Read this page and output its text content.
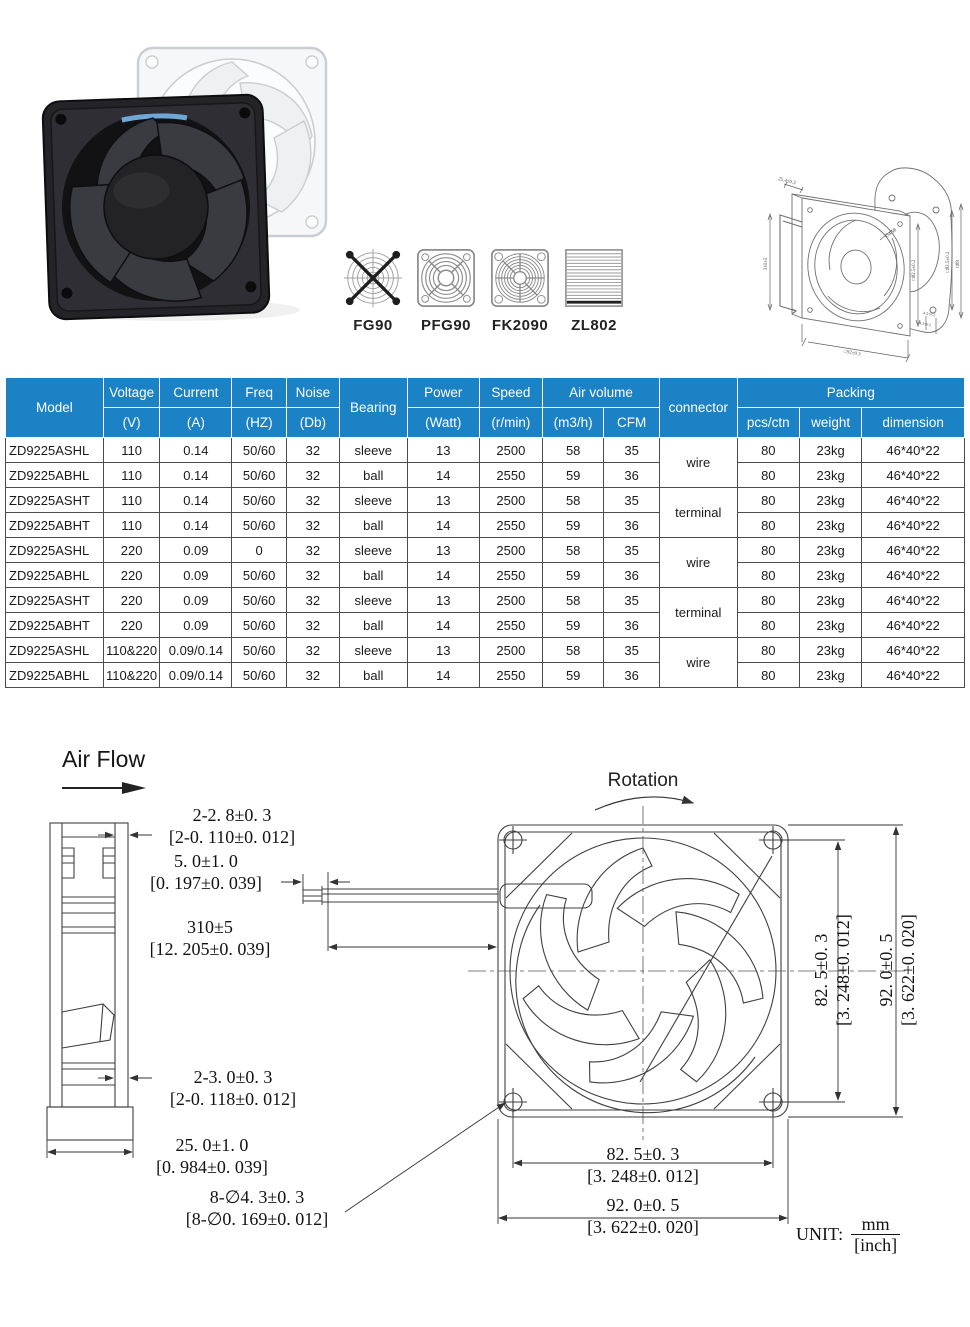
FG90	PFG90	FK2090	ZL802
25.4±0.3
310±5
□92±0.3
□82.5±0.2
∅4.98
□82.5±0.2 □89
4.5±0.2
4.3±0.2
Model	Voltage	Current	Freq	Noise	Bearing	Power	Speed	Air volume		connector	Packing		
	(V)	(A)	(HZ)	(Db)		(Watt)	(r/min)	(m3/h)	CFM		pcs/ctn	weight	dimension
ZD9225ASHL	110	0.14	50/60	32	sleeve	13	2500	58	35	wire	80	23kg	46*40*22
ZD9225ABHL	110	0.14	50/60	32	ball	14	2550	59	36		80	23kg	46*40*22
ZD9225ASHT	110	0.14	50/60	32	sleeve	13	2500	58	35	terminal	80	23kg	46*40*22
ZD9225ABHT	110	0.14	50/60	32	ball	14	2550	59	36		80	23kg	46*40*22
ZD9225ASHL	220	0.09	0	32	sleeve	13	2500	58	35	wire	80	23kg	46*40*22
ZD9225ABHL	220	0.09	50/60	32	ball	14	2550	59	36		80	23kg	46*40*22
ZD9225ASHT	220	0.09	50/60	32	sleeve	13	2500	58	35	terminal	80	23kg	46*40*22
ZD9225ABHT	220	0.09	50/60	32	ball	14	2550	59	36		80	23kg	46*40*22
ZD9225ASHL	110&220	0.09/0.14	50/60	32	sleeve	13	2500	58	35	wire	80	23kg	46*40*22
ZD9225ABHL	110&220	0.09/0.14	50/60	32	ball	14	2550	59	36		80	23kg	46*40*22
Air Flow
Rotation
2-2. 8±0. 3
[2-0. 110±0. 012]
5. 0±1. 0
[0. 197±0. 039]
310±5
[12. 205±0. 039]
2-3. 0±0. 3
[2-0. 118±0. 012]
25. 0±1. 0
[0. 984±0. 039]
8-∅4. 3±0. 3
[8-∅0. 169±0. 012]
82. 5±0. 3 [3. 248±0. 012] 92. 0±0. 5 [3. 622±0. 020]
82. 5±0. 3
[3. 248±0. 012]
92. 0±0. 5
[3. 622±0. 020]	UNIT: $\frac{mm}{\text{[inch]}}$
